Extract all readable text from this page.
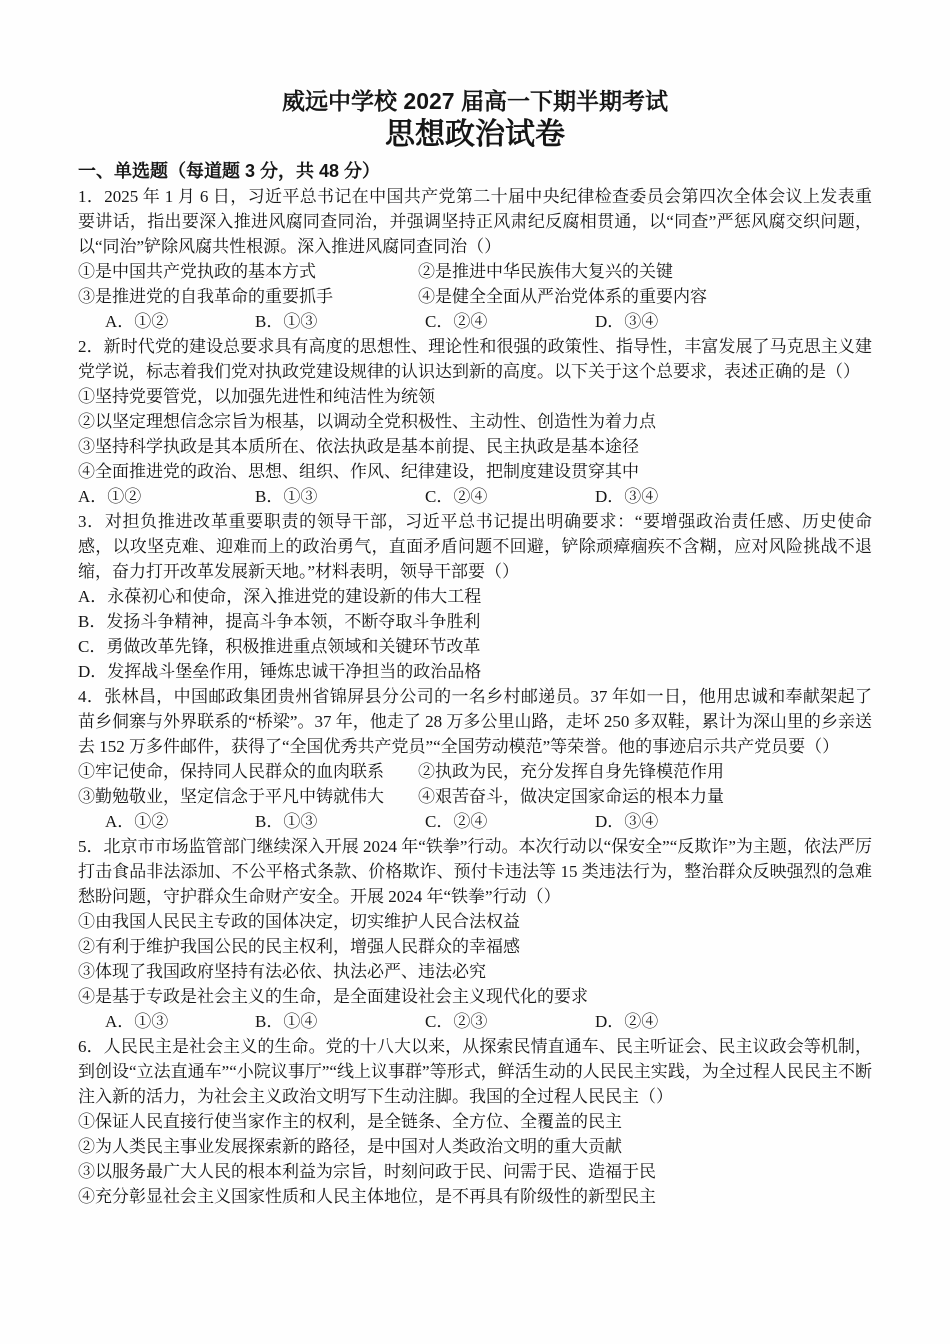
威远中学校 2027 届高一下期半期考试
思想政治试卷
一、单选题（每道题 3 分，共 48 分）

1．2025 年 1 月 6 日，习近平总书记在中国共产党第二十届中央纪律检查委员会第四次全体会议上发表重要讲话，指出要深入推进风腐同查同治，并强调坚持正风肃纪反腐相贯通，以“同查”严惩风腐交织问题，以“同治”铲除风腐共性根源。深入推进风腐同查同治（）

①是中国共产党执政的基本方式	②是推进中华民族伟大复兴的关键
③是推进党的自我革命的重要抓手	④是健全全面从严治党体系的重要内容
A．①②	B．①③	C．②④	D．③④

2．新时代党的建设总要求具有高度的思想性、理论性和很强的政策性、指导性，丰富发展了马克思主义建党学说，标志着我们党对执政党建设规律的认识达到新的高度。以下关于这个总要求，表述正确的是（）

①坚持党要管党，以加强先进性和纯洁性为统领
②以坚定理想信念宗旨为根基，以调动全党积极性、主动性、创造性为着力点
③坚持科学执政是其本质所在、依法执政是基本前提、民主执政是基本途径
④全面推进党的政治、思想、组织、作风、纪律建设，把制度建设贯穿其中
A．①②	B．①③	C．②④	D．③④

3．对担负推进改革重要职责的领导干部，习近平总书记提出明确要求：“要增强政治责任感、历史使命感，以攻坚克难、迎难而上的政治勇气，直面矛盾问题不回避，铲除顽瘴痼疾不含糊，应对风险挑战不退缩，奋力打开改革发展新天地。”材料表明，领导干部要（）

A．永葆初心和使命，深入推进党的建设新的伟大工程
B．发扬斗争精神，提高斗争本领，不断夺取斗争胜利
C．勇做改革先锋，积极推进重点领域和关键环节改革
D．发挥战斗堡垒作用，锤炼忠诚干净担当的政治品格

4．张林昌，中国邮政集团贵州省锦屏县分公司的一名乡村邮递员。37 年如一日，他用忠诚和奉献架起了苗乡侗寨与外界联系的“桥梁”。37 年，他走了 28 万多公里山路，走坏 250 多双鞋，累计为深山里的乡亲送去 152 万多件邮件，获得了“全国优秀共产党员”“全国劳动模范”等荣誉。他的事迹启示共产党员要（）

①牢记使命，保持同人民群众的血肉联系 ②执政为民，充分发挥自身先锋模范作用
③勤勉敬业，坚定信念于平凡中铸就伟大 ④艰苦奋斗，做决定国家命运的根本力量
A．①②	B．①③	C．②④	D．③④

5．北京市市场监管部门继续深入开展 2024 年“铁拳”行动。本次行动以“保安全”“反欺诈”为主题，依法严厉打击食品非法添加、不公平格式条款、价格欺诈、预付卡违法等 15 类违法行为，整治群众反映强烈的急难愁盼问题，守护群众生命财产安全。开展 2024 年“铁拳”行动（）

①由我国人民民主专政的国体决定，切实维护人民合法权益
②有利于维护我国公民的民主权利，增强人民群众的幸福感
③体现了我国政府坚持有法必依、执法必严、违法必究
④是基于专政是社会主义的生命，是全面建设社会主义现代化的要求
A．①③	B．①④	C．②③	D．②④

6．人民民主是社会主义的生命。党的十八大以来，从探索民情直通车、民主听证会、民主议政会等机制，到创设“立法直通车”“小院议事厅”“线上议事群”等形式，鲜活生动的人民民主实践，为全过程人民民主不断注入新的活力，为社会主义政治文明写下生动注脚。我国的全过程人民民主（）

①保证人民直接行使当家作主的权利，是全链条、全方位、全覆盖的民主
②为人类民主事业发展探索新的路径，是中国对人类政治文明的重大贡献
③以服务最广大人民的根本利益为宗旨，时刻问政于民、问需于民、造福于民
④充分彰显社会主义国家性质和人民主体地位，是不再具有阶级性的新型民主
